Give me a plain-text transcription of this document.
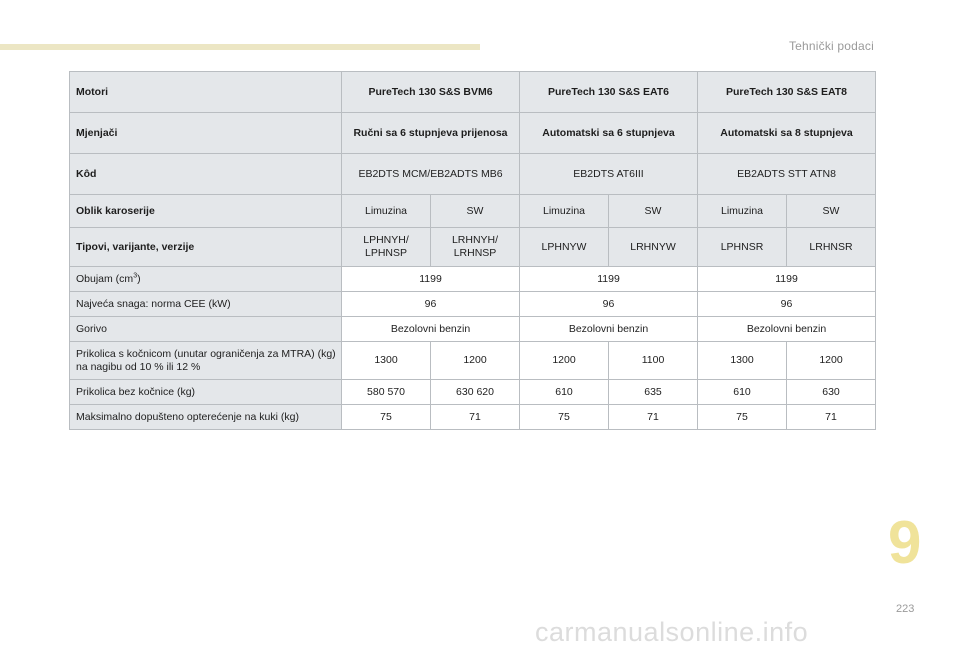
Tehnički podaci
Motori	PureTech 130 S&S BVM6		PureTech 130 S&S EAT6		PureTech 130 S&S EAT8	
Mjenjači	Ručni sa 6 stupnjeva prijenosa		Automatski sa 6 stupnjeva		Automatski sa 8 stupnjeva	
Kôd	EB2DTS MCM/EB2ADTS MB6		EB2DTS AT6III		EB2ADTS STT ATN8	
Oblik karoserije	Limuzina	SW	Limuzina	SW	Limuzina	SW
Tipovi, varijante, verzije	LPHNYH/ LPHNSP	LRHNYH/ LRHNSP	LPHNYW	LRHNYW	LPHNSR	LRHNSR
Obujam $(cm^3)$	1199		1199		1199	
Najveća snaga: norma CEE (kW)	96		96		96	
Gorivo	Bezolovni benzin		Bezolovni benzin		Bezolovni benzin	
Prikolica s kočnicom (unutar ograničenja za MTRA) (kg) na nagibu od 10 % ili 12 %	1300	1200	1200	1100	1300	1200
Prikolica bez kočnice (kg)	580 570	630 620	610	635	610	630
Maksimalno dopušteno opterećenje na kuki (kg)	75	71	75	71	75	71
9
223
carmanualsonline.info
